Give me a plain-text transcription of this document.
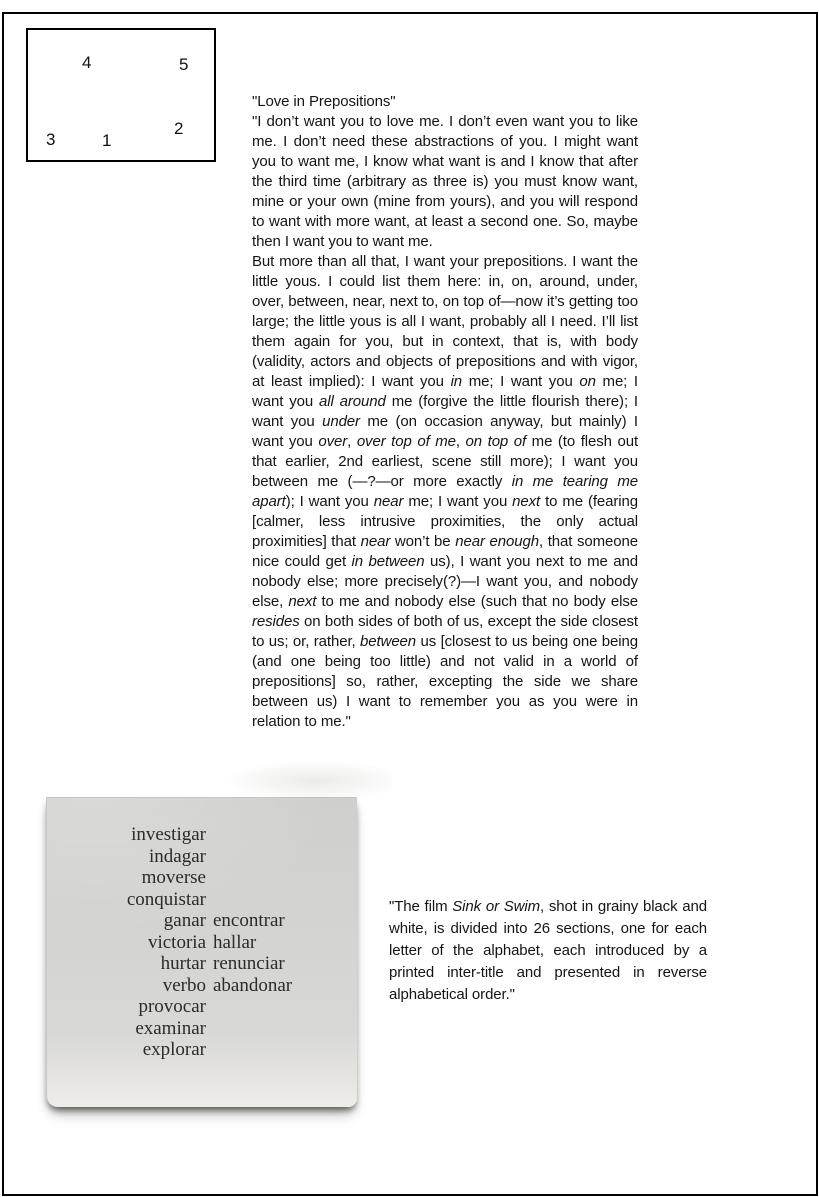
4	5
3	1
2
"Love in Prepositions"

"I don’t want you to love me. I don’t even want you to like me. I don’t need these abstractions of you. I might want you to want me, I know what want is and I know that after the third time (arbitrary as three is) you must know want, mine or your own (mine from yours), and you will respond to want with more want, at least a second one. So, maybe then I want you to want me.

But more than all that, I want your prepositions. I want the little yous. I could list them here: in, on, around, under, over, between, near, next to, on top of—now it’s getting too large; the little yous is all I want, probably all I need. I’ll list them again for you, but in context, that is, with body (validity, actors and objects of prepositions and with vigor, at least implied): I want you in me; I want you on me; I want you all around me (forgive the little flourish there); I want you under me (on occasion anyway, but mainly) I want you over, over top of me, on top of me (to flesh out that earlier, 2nd earliest, scene still more); I want you between me (—?—or more exactly in me tearing me apart); I want you near me; I want you next to me (fearing [calmer, less intrusive proximities, the only actual proximities] that near won’t be near enough, that someone nice could get in between us), I want you next to me and nobody else; more precisely(?)—I want you, and nobody else, next to me and nobody else (such that no body else resides on both sides of both of us, except the side closest to us; or, rather, between us [closest to us being one being (and one being too little) and not valid in a world of prepositions] so, rather, excepting the side we share between us) I want to remember you as you were in relation to me."

investigar
indagar
moverse
conquistar
ganar encontrar
victoria hallar
hurtar renunciar
verbo abandonar
provocar
examinar
explorar
"The film Sink or Swim, shot in grainy black and white, is divided into 26 sections, one for each letter of the alphabet, each introduced by a printed inter-title and presented in reverse alphabetical order."
